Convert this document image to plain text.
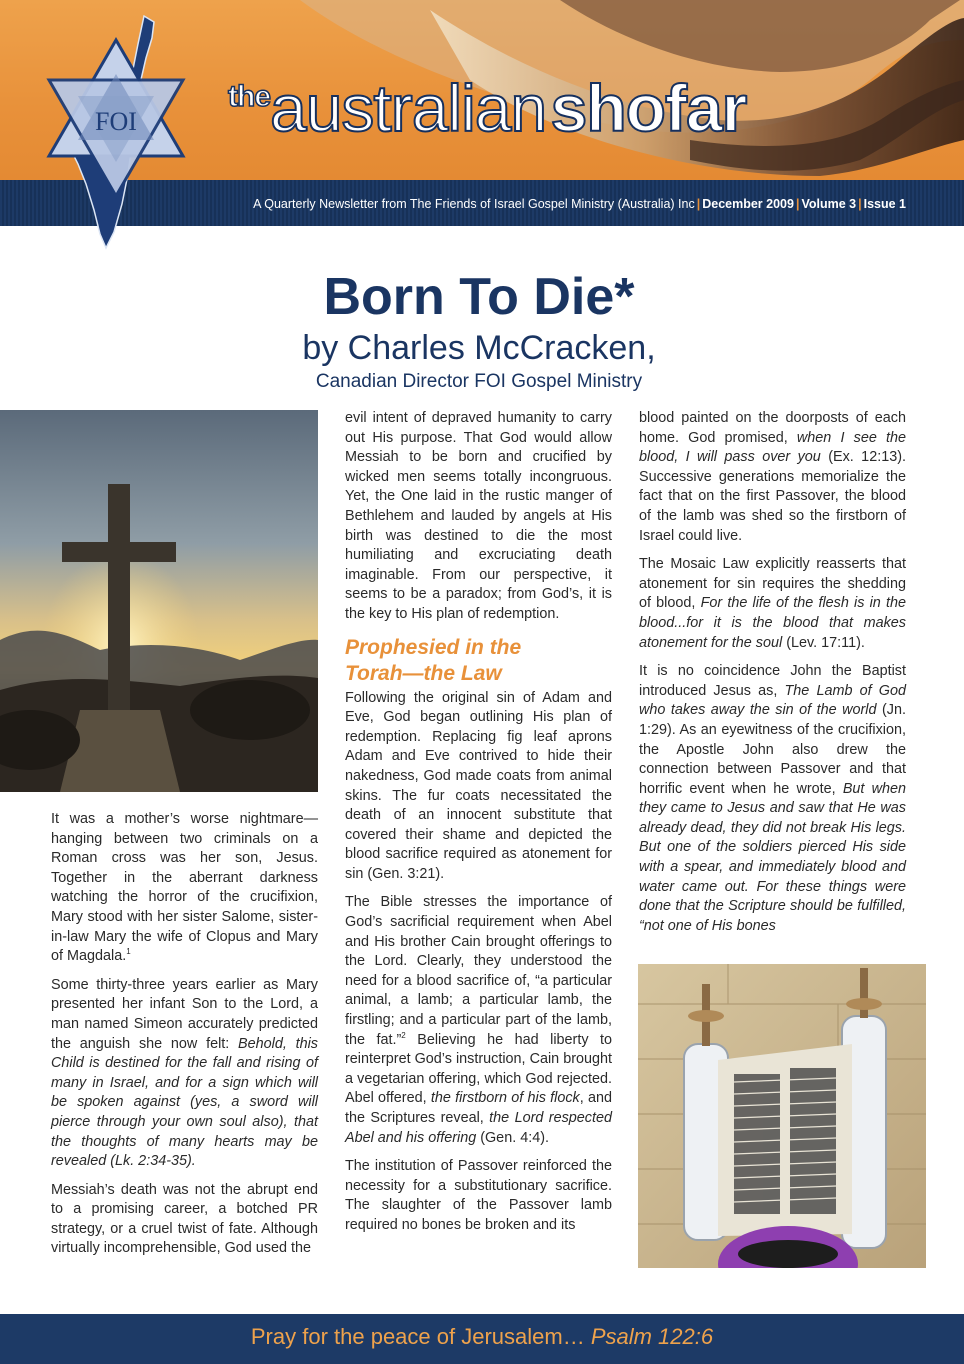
theaustralian shofar
A Quarterly Newsletter from The Friends of Israel Gospel Ministry (Australia) Inc | December 2009 | Volume 3 | Issue 1
FOI
Born To Die*
by Charles McCracken,
Canadian Director FOI Gospel Ministry

It was a mother’s worse nightmare—hanging between two criminals on a Roman cross was her son, Jesus. Together in the aberrant darkness watching the horror of the crucifixion, Mary stood with her sister Salome, sister-in-law Mary the wife of Clopus and Mary of Magdala.$^1$

Some thirty-three years earlier as Mary presented her infant Son to the Lord, a man named Simeon accurately predicted the anguish she now felt: Behold, this Child is destined for the fall and rising of many in Israel, and for a sign which will be spoken against (yes, a sword will pierce through your own soul also), that the thoughts of many hearts may be revealed (Lk. 2:34-35).

Messiah’s death was not the abrupt end to a promising career, a botched PR strategy, or a cruel twist of fate. Although virtually incomprehensible, God used the

evil intent of depraved humanity to carry out His purpose. That God would allow Messiah to be born and crucified by wicked men seems totally incongruous. Yet, the One laid in the rustic manger of Bethlehem and lauded by angels at His birth was destined to die the most humiliating and excruciating death imaginable. From our perspective, it seems to be a paradox; from God’s, it is the key to His plan of redemption.

Prophesied in the
Torah—the Law

Following the original sin of Adam and Eve, God began outlining His plan of redemption. Replacing fig leaf aprons Adam and Eve contrived to hide their nakedness, God made coats from animal skins. The fur coats necessitated the death of an innocent substitute that covered their shame and depicted the blood sacrifice required as atonement for sin (Gen. 3:21).

The Bible stresses the importance of God’s sacrificial requirement when Abel and His brother Cain brought offerings to the Lord. Clearly, they understood the need for a blood sacrifice of, “a particular animal, a lamb; a particular lamb, the firstling; and a particular part of the lamb, the fat.”$^2$ Believing he had liberty to reinterpret God’s instruction, Cain brought a vegetarian offering, which God rejected. Abel offered, the firstborn of his flock, and the Scriptures reveal, the Lord respected Abel and his offering (Gen. 4:4).

The institution of Passover reinforced the necessity for a substitutionary sacrifice. The slaughter of the Passover lamb required no bones be broken and its

blood painted on the doorposts of each home. God promised, when I see the blood, I will pass over you (Ex. 12:13). Successive generations memorialize the fact that on the first Passover, the blood of the lamb was shed so the firstborn of Israel could live.

The Mosaic Law explicitly reasserts that atonement for sin requires the shedding of blood, For the life of the flesh is in the blood...for it is the blood that makes atonement for the soul (Lev. 17:11).

It is no coincidence John the Baptist introduced Jesus as, The Lamb of God who takes away the sin of the world (Jn. 1:29). As an eyewitness of the crucifixion, the Apostle John also drew the connection between Passover and that horrific event when he wrote, But when they came to Jesus and saw that He was already dead, they did not break His legs. But one of the soldiers pierced His side with a spear, and immediately blood and water came out. For these things were done that the Scripture should be fulfilled, “not one of His bones

Pray for the peace of Jerusalem… Psalm 122:6
